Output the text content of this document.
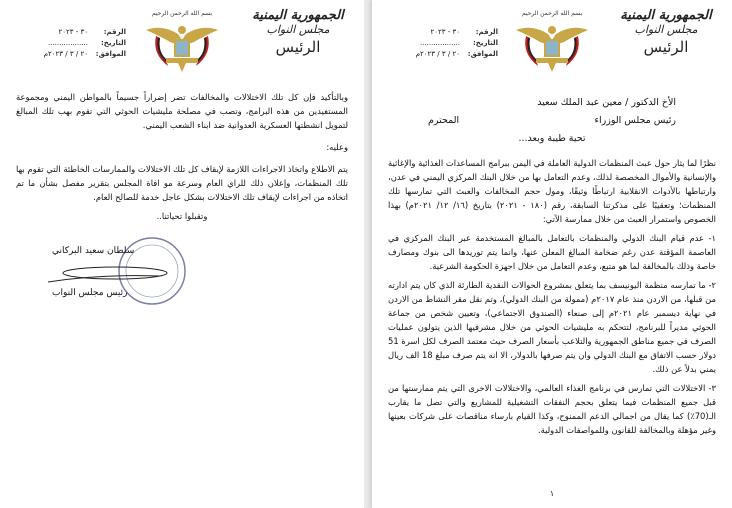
الجمهورية اليمنية
مجلس النواب
الرئيس
بسم الله الرحمن الرحيم
الرقم:
٣٠ - ٢٠٢٣
التاريخ:
..................
الموافق:
٢٠ / ٣ / ٢٠٢٣م

وبالتأكيد فإن كل تلك الاختلالات والمخالفات تضر إضراراً جسيماً بالمواطن اليمني ومجموعة المستفيدين من هذه البرامج، وتصب في مصلحة مليشيات الحوثي التي تقوم بهب تلك المبالغ لتمويل انشطتها العسكرية العدوانية ضد ابناء الشعب اليمني.

وعليه:

يتم الاطلاع واتخاذ الاجراءات اللازمة لإيقاف كل تلك الاختلالات والممارسات الخاطئة التي تقوم بها تلك المنظمات، وإعلان ذلك للراي العام وسرعة مو افاة المجلس بتقرير مفصل بشأن ما تم اتخاذه من اجراءات لإيقاف تلك الاختلالات بشكل عاجل خدمة للصالح العام.

وتقبلوا تحياتنا..

سلطان سعيد البركاني
رئيس مجلس النواب
الجمهورية اليمنية
مجلس النواب
الرئيس
بسم الله الرحمن الرحيم
الرقم:
٣٠ - ٢٠٢٣
التاريخ:
..................
الموافق:
٢٠ / ٣ / ٢٠٢٣م
الأخ الدكتور / معين عبد الملك سعيد
رئيس مجلس الوزراء
المحترم
تحية طيبة وبعد...

نظرًا لما يثار حول عبث المنظمات الدولية العاملة في اليمن ببرامج المساعدات الغذائية والإغاثية والإنسانية والأموال المخصصة لذلك، وعدم التعامل بها من خلال البنك المركزي اليمني في عدن، وارتباطها بالأدوات الانقلابية ارتباطًا وثيقًا، ومول حجم المخالفات والعبث التي تمارسها تلك المنظمات؛ وتعقيبًا على مذكرتنا السابقة، رقم (١٨٠ - ٢٠٢١) بتاريخ (١٦/ ١٢/ ٢٠٢١م) بهذا الخصوص واستمرار العبث من خلال ممارسة الآتي:

١- عدم قيام البنك الدولي والمنظمات بالتعامل بالمبالغ المستخدمة عبر البنك المركزي في العاصمة المؤقتة عدن رغم ضخامة المبالغ المعلن عنها، وانما يتم توريدها الى بنوك ومصارف خاصة وذلك بالمخالفة لما هو متبع، وعدم التعامل من خلال اجهزة الحكومة الشرعية.

٢- ما تمارسه منظمة اليونيسف بما يتعلق بمشروع الحوالات النقدية الطارئة الذي كان يتم ادارته من قبلها، من الاردن منذ عام ٢٠١٧م (ممولة من البنك الدولي)، وتم نقل مقر النشاط من الاردن في نهاية ديسمبر عام ٢٠٢١م إلى صنعاء (الصندوق الاجتماعي)، وتعيين شخص من جماعة الحوثي مديراً للبرنامج، لتتحكم به مليشيات الحوثي من خلال مشرفيها الذين يتولون عمليات الصرف في جميع مناطق الجمهورية والتلاعب بأسعار الصرف حيث معتمد الصرف لكل اسرة 51 دولار حسب الاتفاق مع البنك الدولي وان يتم صرفها بالدولار، الا انه يتم صرف مبلغ 18 الف ريال يمني بدلاً عن ذلك.

٣- الاختلالات التي تمارس في برنامج الغذاء العالمي، والاختلالات الاخرى التي يتم ممارستها من قبل جميع المنظمات فيما يتعلق بحجم النفقات التشغيلية للمشاريع والتي تصل ما يقارب الـ(70٪) كما يقال من اجمالي الدعم الممنوح، وكذا القيام بارساء مناقصات على شركات بعينها وغير مؤهلة وبالمخالفة للقانون وللمواصفات الدولية.

١
